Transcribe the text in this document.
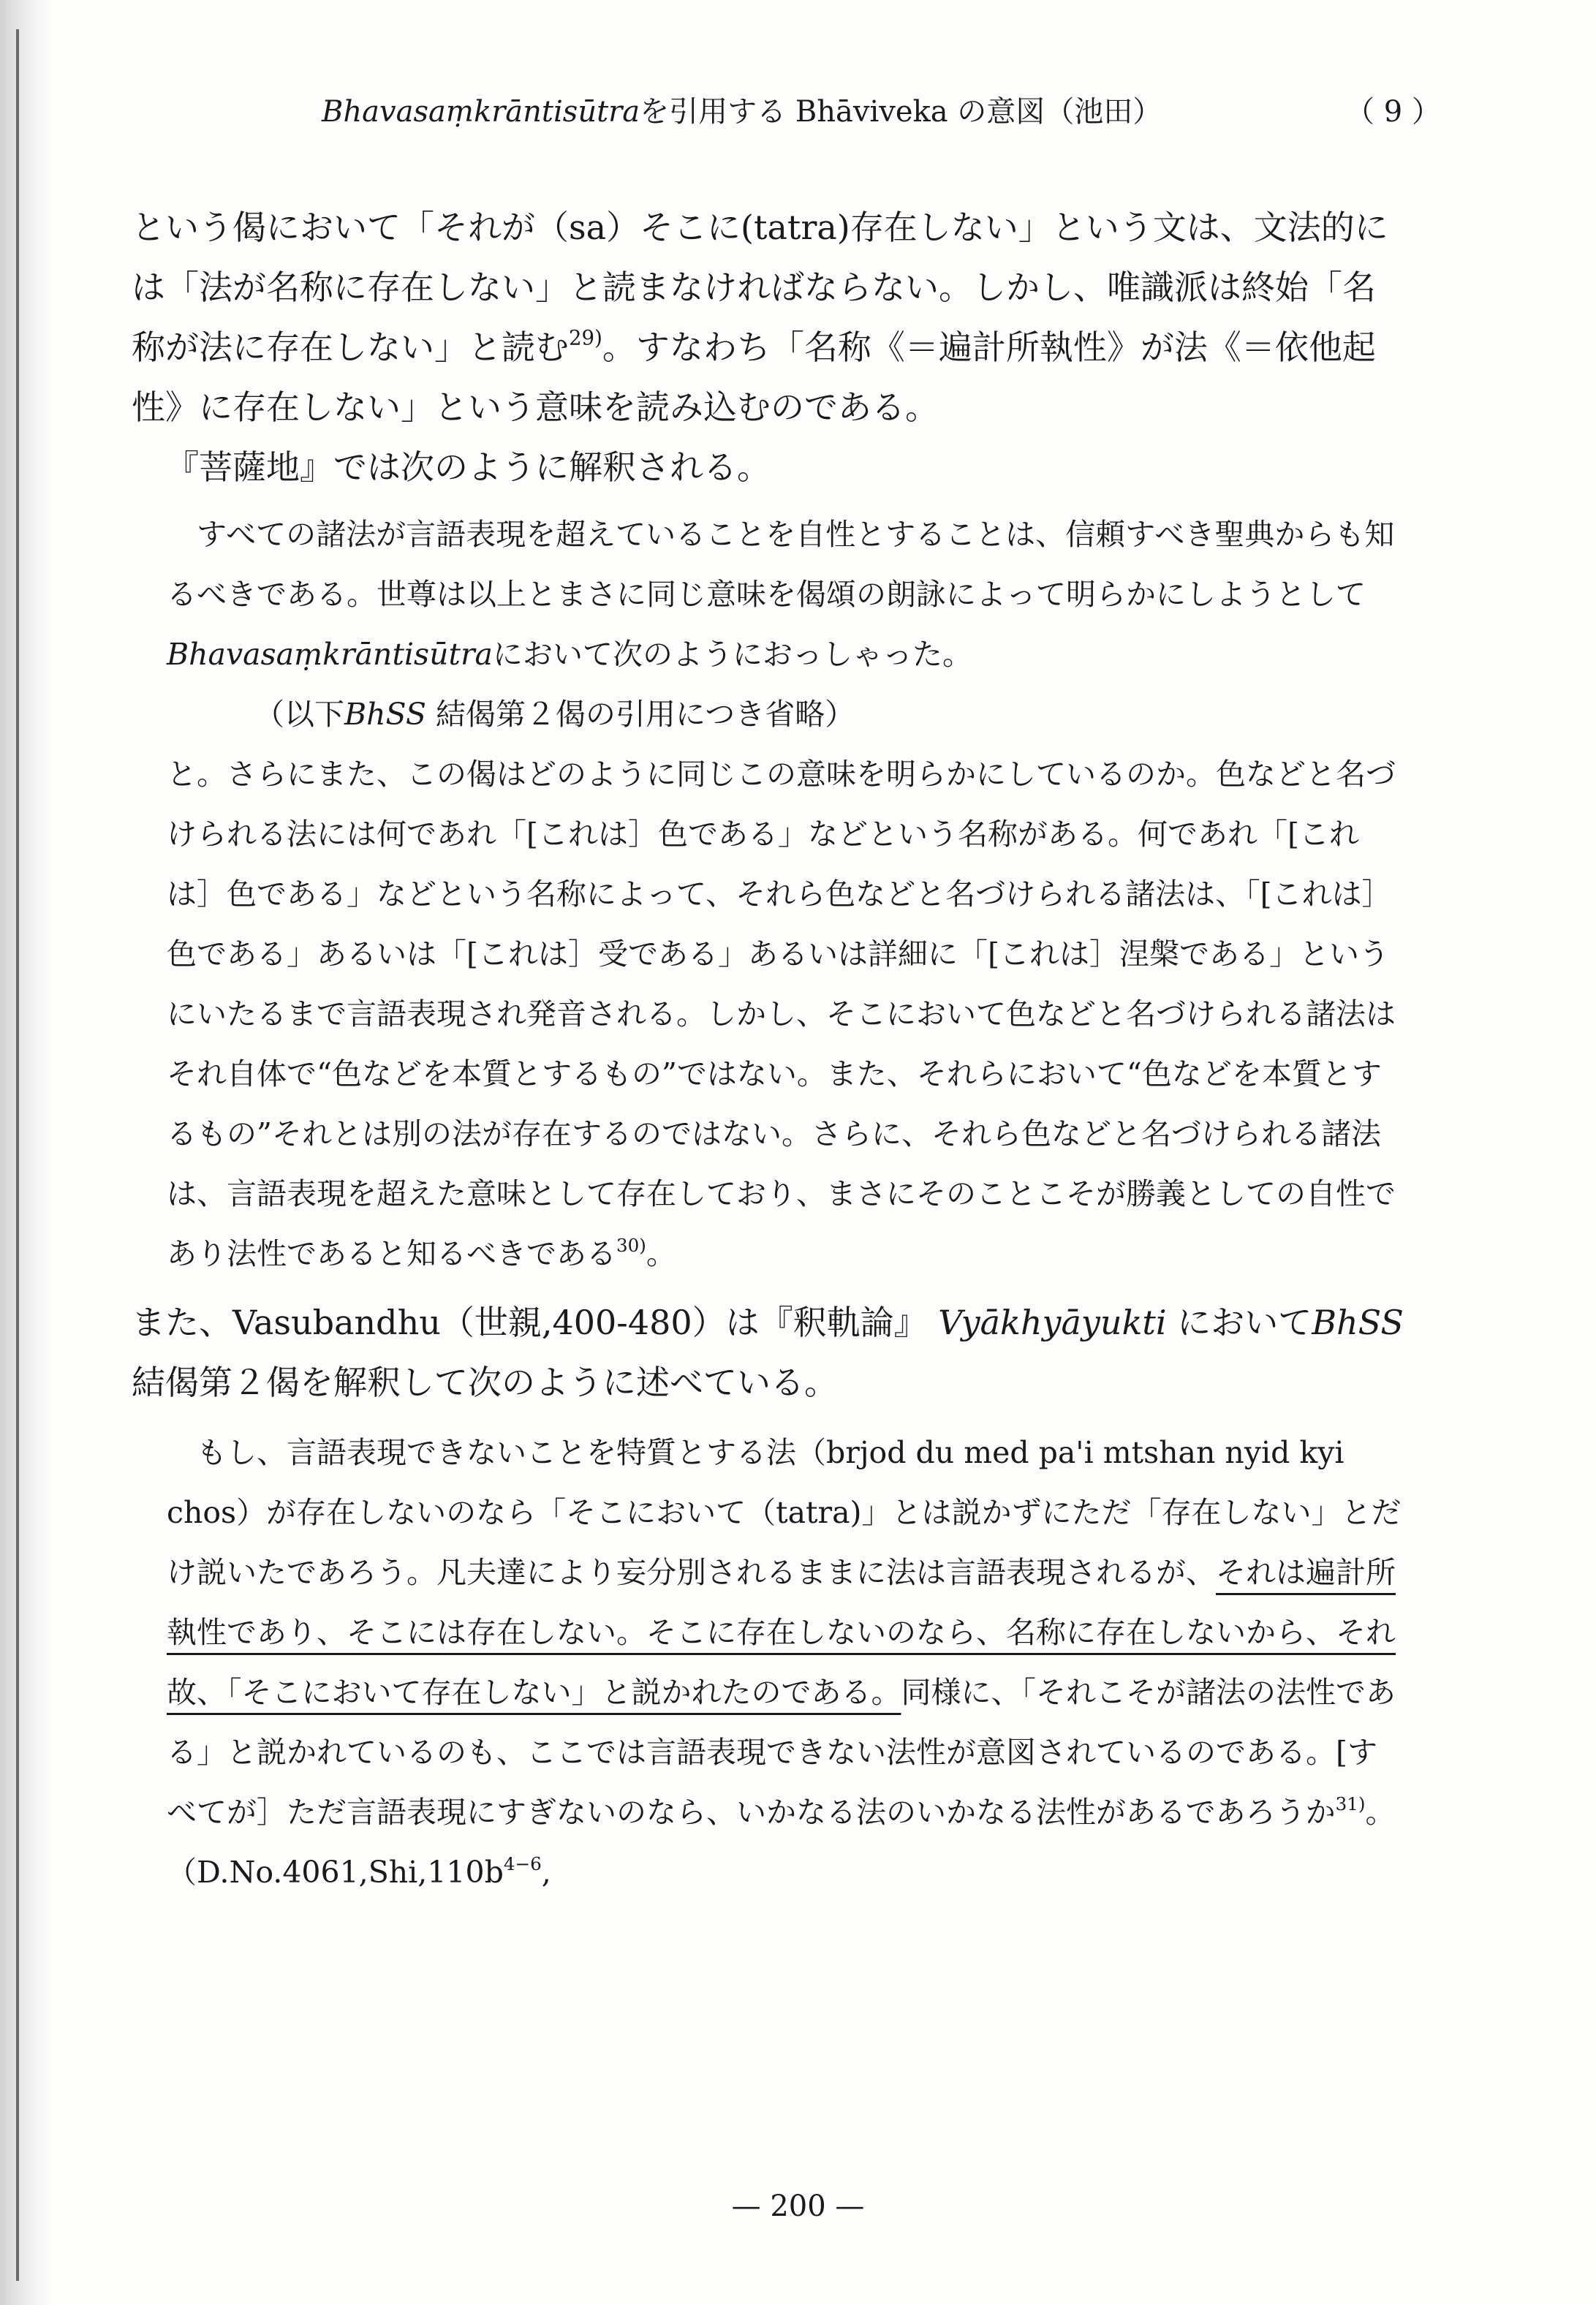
Bhavasaṃkrāntisūtraを引用する Bhāviveka の意図（池田）	（ 9 ）

という偈において「それが（sa）そこに(tatra)存在しない」という文は、文法的には「法が名称に存在しない」と読まなければならない。しかし、唯識派は終始「名称が法に存在しない」と読む$^{29)}$。すなわち「名称《＝遍計所執性》が法《＝依他起性》に存在しない」という意味を読み込むのである。

『菩薩地』では次のように解釈される。

すべての諸法が言語表現を超えていることを自性とすることは、信頼すべき聖典からも知るべきである。世尊は以上とまさに同じ意味を偈頌の朗詠によって明らかにしようとしてBhavasaṃkrāntisūtraにおいて次のようにおっしゃった。

（以下BhSS 結偈第２偈の引用につき省略）

と。さらにまた、この偈はどのように同じこの意味を明らかにしているのか。色などと名づけられる法には何であれ「[これは］色である」などという名称がある。何であれ「[これは］色である」などという名称によって、それら色などと名づけられる諸法は、「[これは］色である」あるいは「[これは］受である」あるいは詳細に「[これは］涅槃である」というにいたるまで言語表現され発音される。しかし、そこにおいて色などと名づけられる諸法はそれ自体で“色などを本質とするもの”ではない。また、それらにおいて“色などを本質とするもの”それとは別の法が存在するのではない。さらに、それら色などと名づけられる諸法は、言語表現を超えた意味として存在しており、まさにそのことこそが勝義としての自性であり法性であると知るべきである$^{30)}$。

また、Vasubandhu（世親,400-480）は『釈軌論』 Vyākhyāyukti においてBhSS結偈第２偈を解釈して次のように述べている。

もし、言語表現できないことを特質とする法（brjod du med pa'i mtshan nyid kyi chos）が存在しないのなら「そこにおいて（tatra)」とは説かずにただ「存在しない」とだけ説いたであろう。凡夫達により妄分別されるままに法は言語表現されるが、それは遍計所執性であり、そこには存在しない。そこに存在しないのなら、名称に存在しないから、それ故、「そこにおいて存在しない」と説かれたのである。同様に、「それこそが諸法の法性である」と説かれているのも、ここでは言語表現できない法性が意図されているのである。[すべてが］ただ言語表現にすぎないのなら、いかなる法のいかなる法性があるであろうか$^{31)}$。（$D.No.4061,Shi,110b^{4-6}$,

— 200 —
